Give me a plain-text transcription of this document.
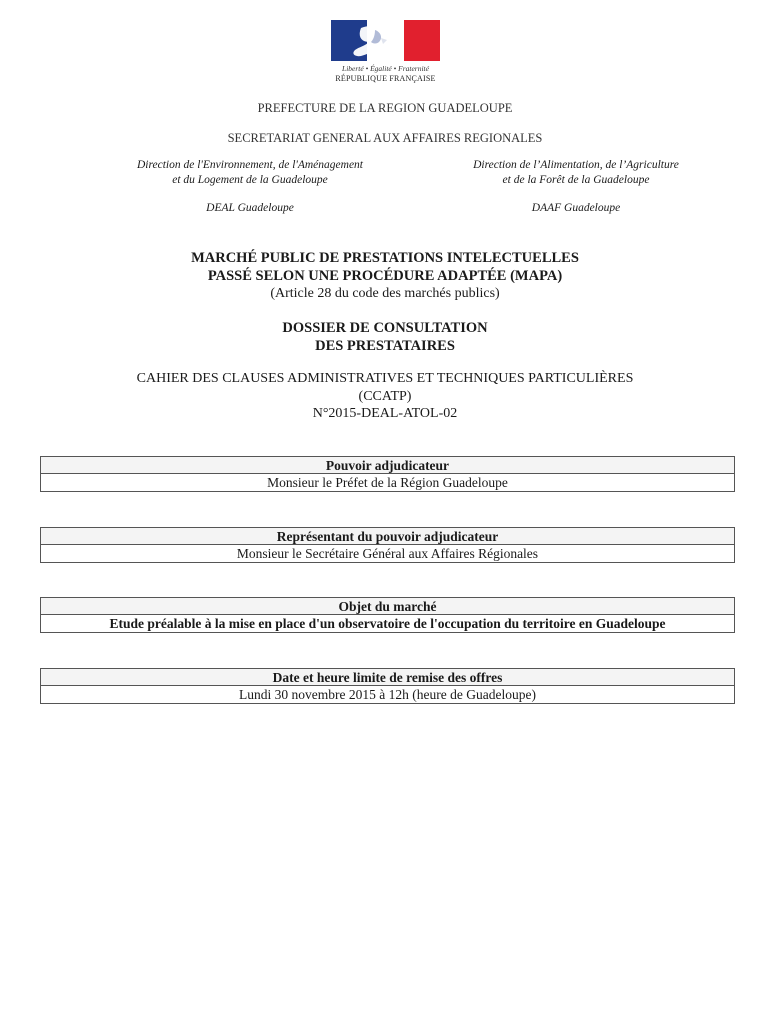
Liberté • Égalité • Fraternité
RÉPUBLIQUE FRANÇAISE
PREFECTURE DE LA REGION GUADELOUPE
SECRETARIAT GENERAL AUX AFFAIRES REGIONALES
Direction de l'Environnement, de l'Aménagement
et du Logement de la Guadeloupe
Direction de l’Alimentation, de l’Agriculture
et de la Forêt de la Guadeloupe
DEAL Guadeloupe	DAAF Guadeloupe
MARCHÉ PUBLIC DE PRESTATIONS INTELECTUELLES
PASSÉ SELON UNE PROCÉDURE ADAPTÉE (MAPA)
(Article 28 du code des marchés publics)
DOSSIER DE CONSULTATION
DES PRESTATAIRES
CAHIER DES CLAUSES ADMINISTRATIVES ET TECHNIQUES PARTICULIÈRES
(CCATP)
N°2015-DEAL-ATOL-02
Pouvoir adjudicateur
Monsieur le Préfet de la Région Guadeloupe
Représentant du pouvoir adjudicateur
Monsieur le Secrétaire Général aux Affaires Régionales
Objet du marché
Etude préalable à la mise en place d'un observatoire de l'occupation du territoire en Guadeloupe
Date et heure limite de remise des offres
Lundi 30 novembre 2015 à 12h (heure de Guadeloupe)
